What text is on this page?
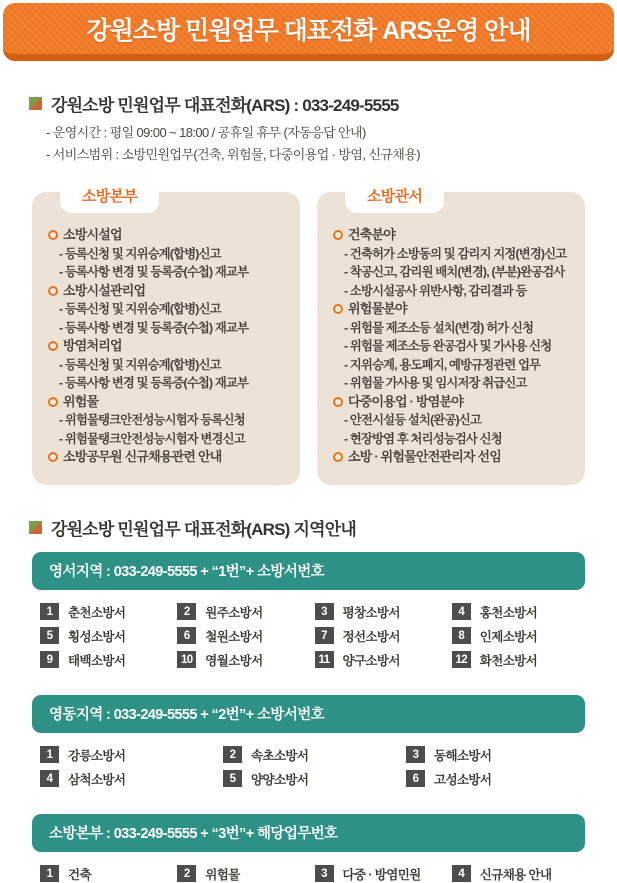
강원소방 민원업무 대표전화 ARS운영 안내
강원소방 민원업무 대표전화(ARS) : 033-249-5555
- 운영시간 : 평일 09:00 ~ 18:00 / 공휴일 휴무 (자동응답 안내)
- 서비스범위 : 소방민원업무(건축, 위험물, 다중이용업 · 방염, 신규채용)
소방본부
소방시설업
- 등록신청 및 지위승계(합병)신고
- 등록사항 변경 및 등록증(수첩) 재교부
소방시설관리업
- 등록신청 및 지위승계(합병)신고
- 등록사항 변경 및 등록증(수첩) 재교부
방염처리업
- 등록신청 및 지위승계(합병)신고
- 등록사항 변경 및 등록증(수첩) 재교부
위험물
- 위험물탱크안전성능시험자 등록신청
- 위험물탱크안전성능시험자 변경신고
소방공무원 신규채용관련 안내
소방관서
건축분야
- 건축허가 소방동의 및 감리지 지정(변경)신고
- 착공신고, 감리원 배치(변경), (부분)완공검사
- 소방시설공사 위반사항, 감리결과 등
위험물분야
- 위험물 제조소등 설치(변경) 허가 신청
- 위험물 제조소등 완공검사 및 가사용 신청
- 지위승계, 용도폐지, 예방규정관련 업무
- 위험물 가사용 및 임시저장 취급신고
다중이용업 · 방염분야
- 안전시설등 설치(완공)신고
- 현장방염 후 처리성능검사 신청
소방 · 위험물안전관리자 선임
강원소방 민원업무 대표전화(ARS) 지역안내
영서지역 : 033-249-5555 + “1번”+ 소방서번호
1	춘천소방서	2	원주소방서	3	평창소방서	4	홍천소방서
5	횡성소방서	6	철원소방서	7	정선소방서	8	인제소방서
9	태백소방서	10 영월소방서	11	양구소방서	12 화천소방서
영동지역 : 033-249-5555 + “2번”+ 소방서번호
1	강릉소방서	2	속초소방서	3	동해소방서
4	삼척소방서	5	양양소방서	6	고성소방서
소방본부 : 033-249-5555 + “3번”+ 해당업무번호
1	건축	2	위험물	3	다중 · 방염민원	4	신규채용 안내
